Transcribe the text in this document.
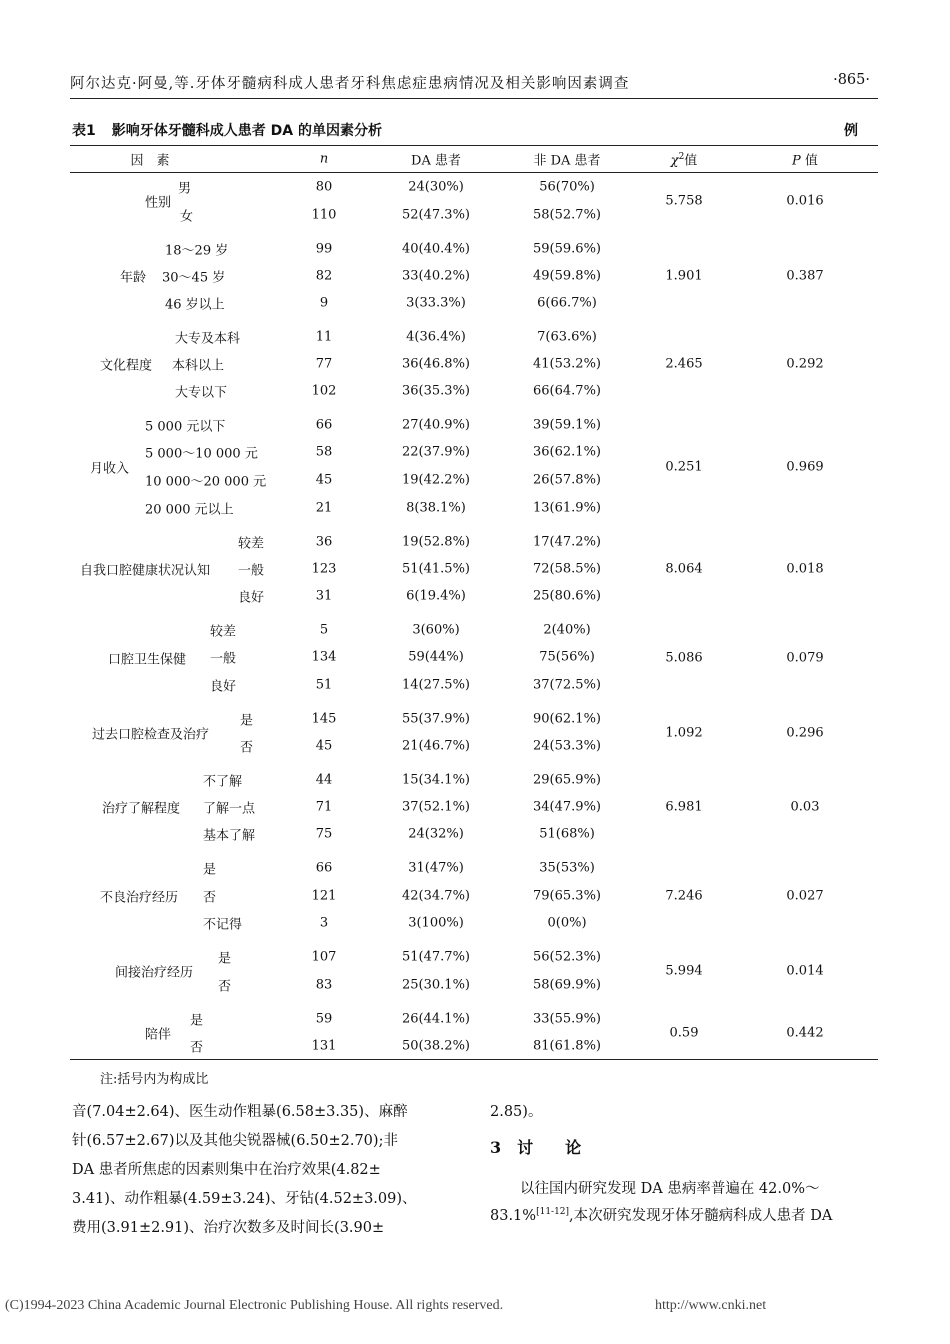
阿尔达克·阿曼,等.牙体牙髓病科成人患者牙科焦虑症患病情况及相关影响因素调查	·865·
表1 影响牙体牙髓科成人患者 DA 的单因素分析	例
因　素	n	DA 患者	非 DA 患者	$\chi^2$值	P 值
性别	5.758	0.016
男	80	24(30%)	56(70%)
女	110	52(47.3%)	58(52.7%)
年龄	1.901	0.387
18～29 岁	99	40(40.4%)	59(59.6%)
30～45 岁	82	33(40.2%)	49(59.8%)
46 岁以上	9	3(33.3%)	6(66.7%)
文化程度	2.465	0.292
大专及本科	11	4(36.4%)	7(63.6%)
本科以上	77	36(46.8%)	41(53.2%)
大专以下	102	36(35.3%)	66(64.7%)
月收入	0.251	0.969
5 000 元以下	66	27(40.9%)	39(59.1%)
5 000～10 000 元	58	22(37.9%)	36(62.1%)
10 000～20 000 元	45	19(42.2%)	26(57.8%)
20 000 元以上	21	8(38.1%)	13(61.9%)
自我口腔健康状况认知	8.064	0.018
较差	36	19(52.8%)	17(47.2%)
一般	123	51(41.5%)	72(58.5%)
良好	31	6(19.4%)	25(80.6%)
口腔卫生保健	5.086	0.079
较差	5	3(60%)	2(40%)
一般	134	59(44%)	75(56%)
良好	51	14(27.5%)	37(72.5%)
过去口腔检查及治疗	1.092	0.296
是	145	55(37.9%)	90(62.1%)
否	45	21(46.7%)	24(53.3%)
治疗了解程度	6.981	0.03
不了解	44	15(34.1%)	29(65.9%)
了解一点	71	37(52.1%)	34(47.9%)
基本了解	75	24(32%)	51(68%)
不良治疗经历	7.246	0.027
是	66	31(47%)	35(53%)
否	121	42(34.7%)	79(65.3%)
不记得	3	3(100%)	0(0%)
间接治疗经历	5.994	0.014
是	107	51(47.7%)	56(52.3%)
否	83	25(30.1%)	58(69.9%)
陪伴	0.59	0.442
是	59	26(44.1%)	33(55.9%)
否	131	50(38.2%)	81(61.8%)
注:括号内为构成比
音(7.04±2.64)、医生动作粗暴(6.58±3.35)、麻醉
针(6.57±2.67)以及其他尖锐器械(6.50±2.70);非
DA 患者所焦虑的因素则集中在治疗效果(4.82±
3.41)、动作粗暴(4.59±3.24)、牙钻(4.52±3.09)、
费用(3.91±2.91)、治疗次数多及时间长(3.90±
2.85)。
3　讨　　论
以往国内研究发现 DA 患病率普遍在 42.0%～
83.1%[11-12],本次研究发现牙体牙髓病科成人患者 DA
(C)1994-2023 China Academic Journal Electronic Publishing House. All rights reserved.	http://www.cnki.net
